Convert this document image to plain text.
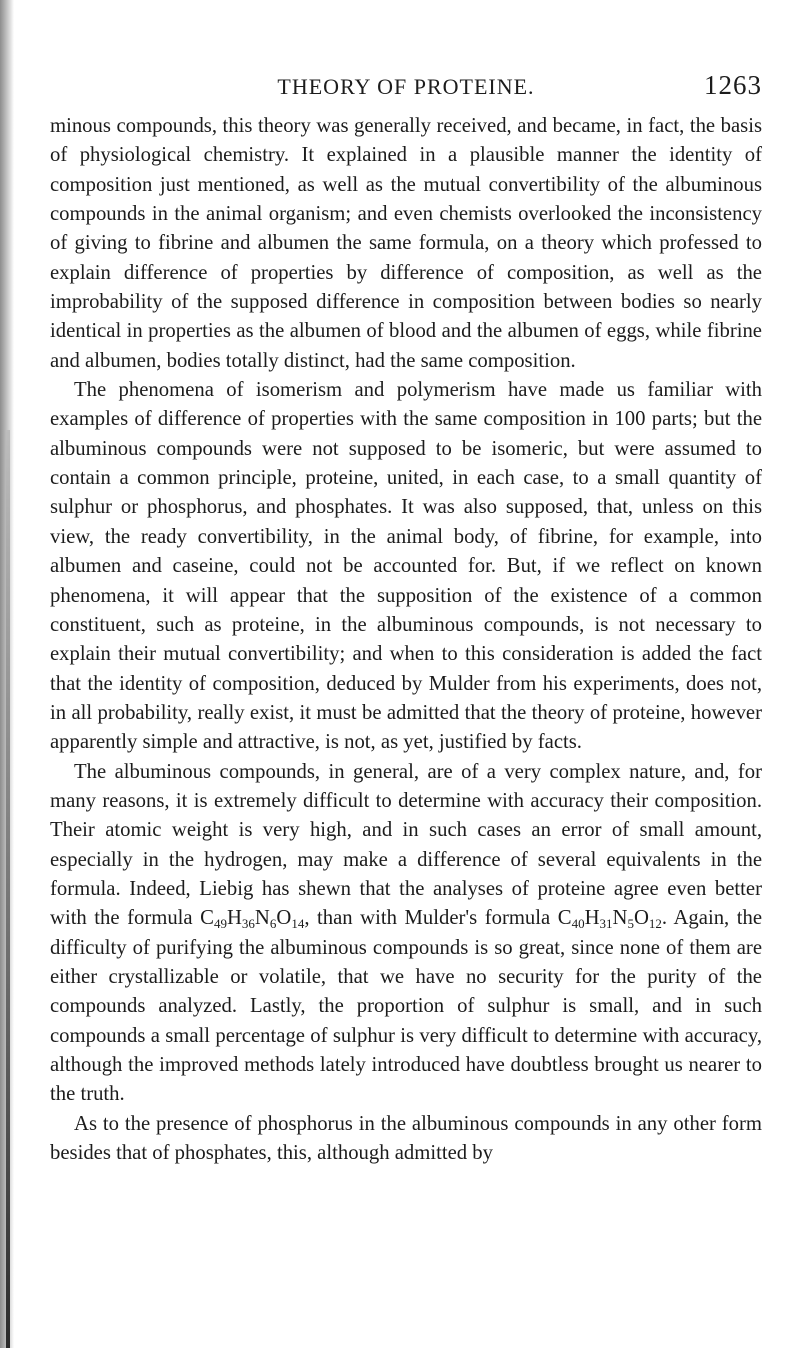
THEORY OF PROTEINE.	1263

minous compounds, this theory was generally received, and became, in fact, the basis of physiological chemistry. It explained in a plausible manner the identity of composition just mentioned, as well as the mutual convertibility of the albuminous compounds in the animal organism; and even chemists overlooked the inconsistency of giving to fibrine and albumen the same formula, on a theory which professed to explain difference of properties by difference of composition, as well as the improbability of the supposed difference in composition between bodies so nearly identical in properties as the albumen of blood and the albumen of eggs, while fibrine and albumen, bodies totally distinct, had the same composition.

The phenomena of isomerism and polymerism have made us familiar with examples of difference of properties with the same composition in 100 parts; but the albuminous compounds were not supposed to be isomeric, but were assumed to contain a common principle, proteine, united, in each case, to a small quantity of sulphur or phosphorus, and phosphates. It was also supposed, that, unless on this view, the ready convertibility, in the animal body, of fibrine, for example, into albumen and caseine, could not be accounted for. But, if we reflect on known phenomena, it will appear that the supposition of the existence of a common constituent, such as proteine, in the albuminous compounds, is not necessary to explain their mutual convertibility; and when to this consideration is added the fact that the identity of composition, deduced by Mulder from his experiments, does not, in all probability, really exist, it must be admitted that the theory of proteine, however apparently simple and attractive, is not, as yet, justified by facts.

The albuminous compounds, in general, are of a very complex nature, and, for many reasons, it is extremely difficult to determine with accuracy their composition. Their atomic weight is very high, and in such cases an error of small amount, especially in the hydrogen, may make a difference of several equivalents in the formula. Indeed, Liebig has shewn that the analyses of proteine agree even better with the formula $C_{49}H_{36}N_6O_{14}$, than with Mulder's formula $C_{40}H_{31}N_5O_{12}$. Again, the difficulty of purifying the albuminous compounds is so great, since none of them are either crystallizable or volatile, that we have no security for the purity of the compounds analyzed. Lastly, the proportion of sulphur is small, and in such compounds a small percentage of sulphur is very difficult to determine with accuracy, although the improved methods lately introduced have doubtless brought us nearer to the truth.

As to the presence of phosphorus in the albuminous compounds in any other form besides that of phosphates, this, although admitted by
